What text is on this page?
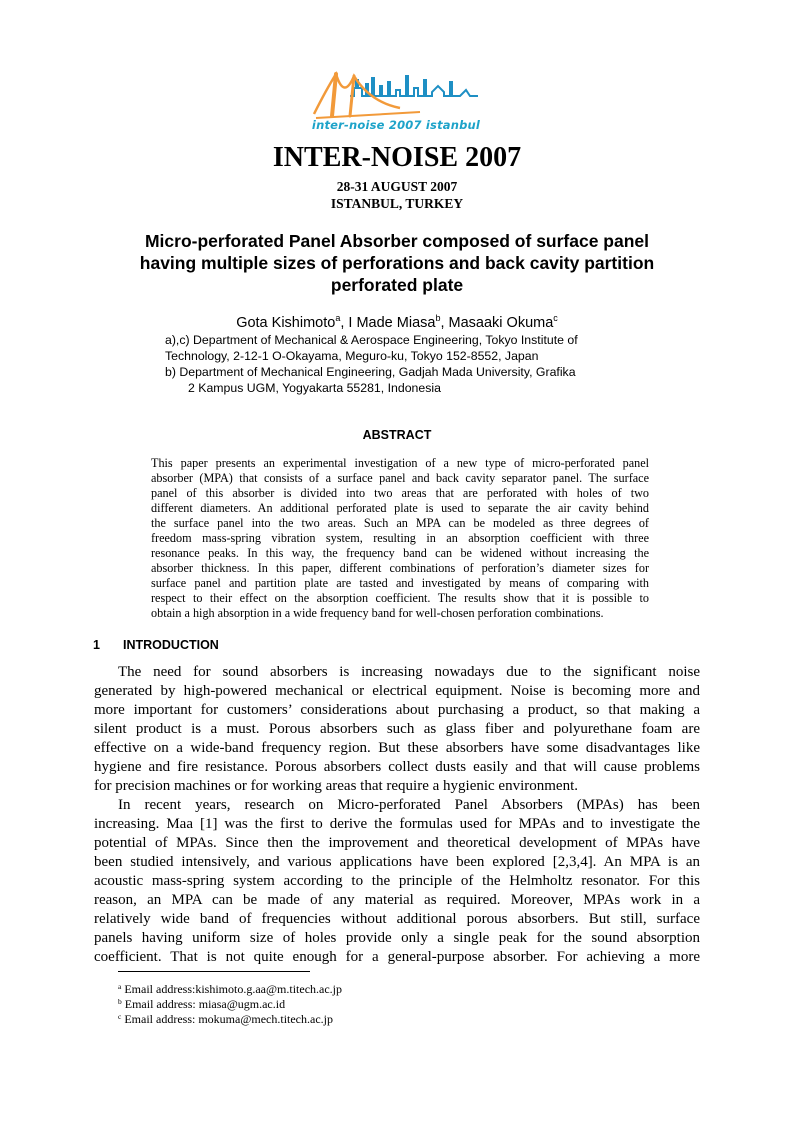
inter-noise 2007 istanbul
INTER-NOISE 2007
28-31 AUGUST 2007
ISTANBUL, TURKEY
Micro-perforated Panel Absorber composed of surface panel
having multiple sizes of perforations and back cavity partition
perforated plate
Gota Kishimoto$^a$, I Made Miasa$^b$, Masaaki Okuma$^c$
a),c) Department of Mechanical & Aerospace Engineering, Tokyo Institute of
Technology, 2-12-1 O-Okayama, Meguro-ku, Tokyo 152-8552, Japan
b) Department of Mechanical Engineering, Gadjah Mada University, Grafika
2 Kampus UGM, Yogyakarta 55281, Indonesia
ABSTRACT
This paper presents an experimental investigation of a new type of micro-perforated panel
absorber (MPA) that consists of a surface panel and back cavity separator panel. The surface
panel of this absorber is divided into two areas that are perforated with holes of two
different diameters. An additional perforated plate is used to separate the air cavity behind
the surface panel into the two areas. Such an MPA can be modeled as three degrees of
freedom mass-spring vibration system, resulting in an absorption coefficient with three
resonance peaks. In this way, the frequency band can be widened without increasing the
absorber thickness. In this paper, different combinations of perforation’s diameter sizes for
surface panel and partition plate are tasted and investigated by means of comparing with
respect to their effect on the absorption coefficient. The results show that it is possible to
obtain a high absorption in a wide frequency band for well-chosen perforation combinations.
1 INTRODUCTION
The need for sound absorbers is increasing nowadays due to the significant noise
generated by high-powered mechanical or electrical equipment. Noise is becoming more and
more important for customers’ considerations about purchasing a product, so that making a
silent product is a must. Porous absorbers such as glass fiber and polyurethane foam are
effective on a wide-band frequency region. But these absorbers have some disadvantages like
hygiene and fire resistance. Porous absorbers collect dusts easily and that will cause problems
for precision machines or for working areas that require a hygienic environment.
In recent years, research on Micro-perforated Panel Absorbers (MPAs) has been
increasing. Maa [1] was the first to derive the formulas used for MPAs and to investigate the
potential of MPAs. Since then the improvement and theoretical development of MPAs have
been studied intensively, and various applications have been explored [2,3,4]. An MPA is an
acoustic mass-spring system according to the principle of the Helmholtz resonator. For this
reason, an MPA can be made of any material as required. Moreover, MPAs work in a
relatively wide band of frequencies without additional porous absorbers. But still, surface
panels having uniform size of holes provide only a single peak for the sound absorption
coefficient. That is not quite enough for a general-purpose absorber. For achieving a more
$^a$ Email address:kishimoto.g.aa@m.titech.ac.jp
$^b$ Email address: miasa@ugm.ac.id
$^c$ Email address: mokuma@mech.titech.ac.jp
